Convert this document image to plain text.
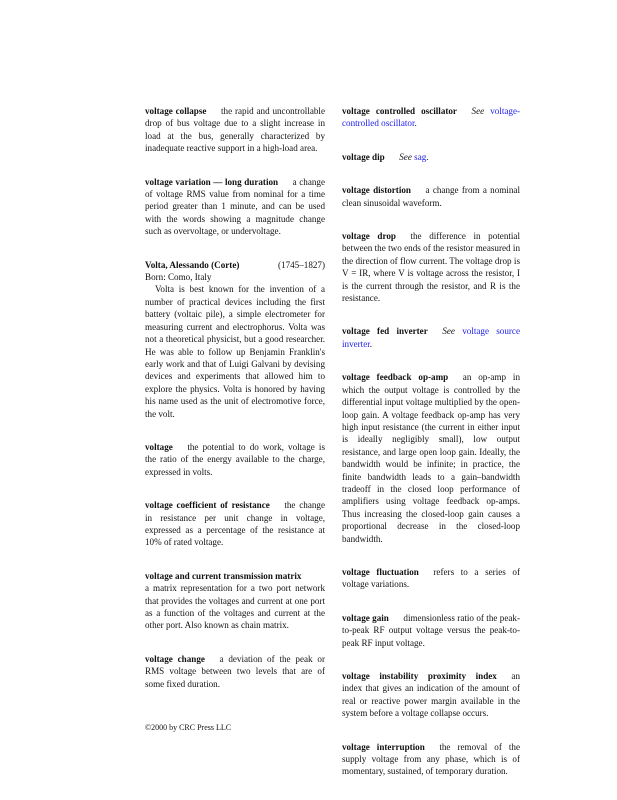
voltage collapse the rapid and uncontrollable drop of bus voltage due to a slight increase in load at the bus, generally characterized by inadequate reactive support in a high-load area.
voltage variation — long duration a change of voltage RMS value from nominal for a time period greater than 1 minute, and can be used with the words showing a magnitude change such as overvoltage, or undervoltage.
Volta, Alessando (Corte)	(1745–1827)
Born: Como, Italy

Volta is best known for the invention of a number of practical devices including the first battery (voltaic pile), a simple electrometer for measuring current and electrophorus. Volta was not a theoretical physicist, but a good researcher. He was able to follow up Benjamin Franklin's early work and that of Luigi Galvani by devising devices and experiments that allowed him to explore the physics. Volta is honored by having his name used as the unit of electromotive force, the volt.

voltage the potential to do work, voltage is the ratio of the energy available to the charge, expressed in volts.
voltage coefficient of resistance the change in resistance per unit change in voltage, expressed as a percentage of the resistance at 10% of rated voltage.
voltage and current transmission matrix
a matrix representation for a two port network that provides the voltages and current at one port as a function of the voltages and current at the other port. Also known as chain matrix.
voltage change a deviation of the peak or RMS voltage between two levels that are of some fixed duration.
voltage controlled oscillator See voltage-controlled oscillator.
voltage dip See sag.
voltage distortion a change from a nominal clean sinusoidal waveform.
voltage drop the difference in potential between the two ends of the resistor measured in the direction of flow current. The voltage drop is V = IR, where V is voltage across the resistor, I is the current through the resistor, and R is the resistance.
voltage fed inverter See voltage source inverter.
voltage feedback op-amp an op-amp in which the output voltage is controlled by the differential input voltage multiplied by the open-loop gain. A voltage feedback op-amp has very high input resistance (the current in either input is ideally negligibly small), low output resistance, and large open loop gain. Ideally, the bandwidth would be infinite; in practice, the finite bandwidth leads to a gain–bandwidth tradeoff in the closed loop performance of amplifiers using voltage feedback op-amps. Thus increasing the closed-loop gain causes a proportional decrease in the closed-loop bandwidth.
voltage fluctuation refers to a series of voltage variations.
voltage gain dimensionless ratio of the peak-to-peak RF output voltage versus the peak-to-peak RF input voltage.
voltage instability proximity index an index that gives an indication of the amount of real or reactive power margin available in the system before a voltage collapse occurs.
voltage interruption the removal of the supply voltage from any phase, which is of momentary, sustained, of temporary duration.
©2000 by CRC Press LLC
